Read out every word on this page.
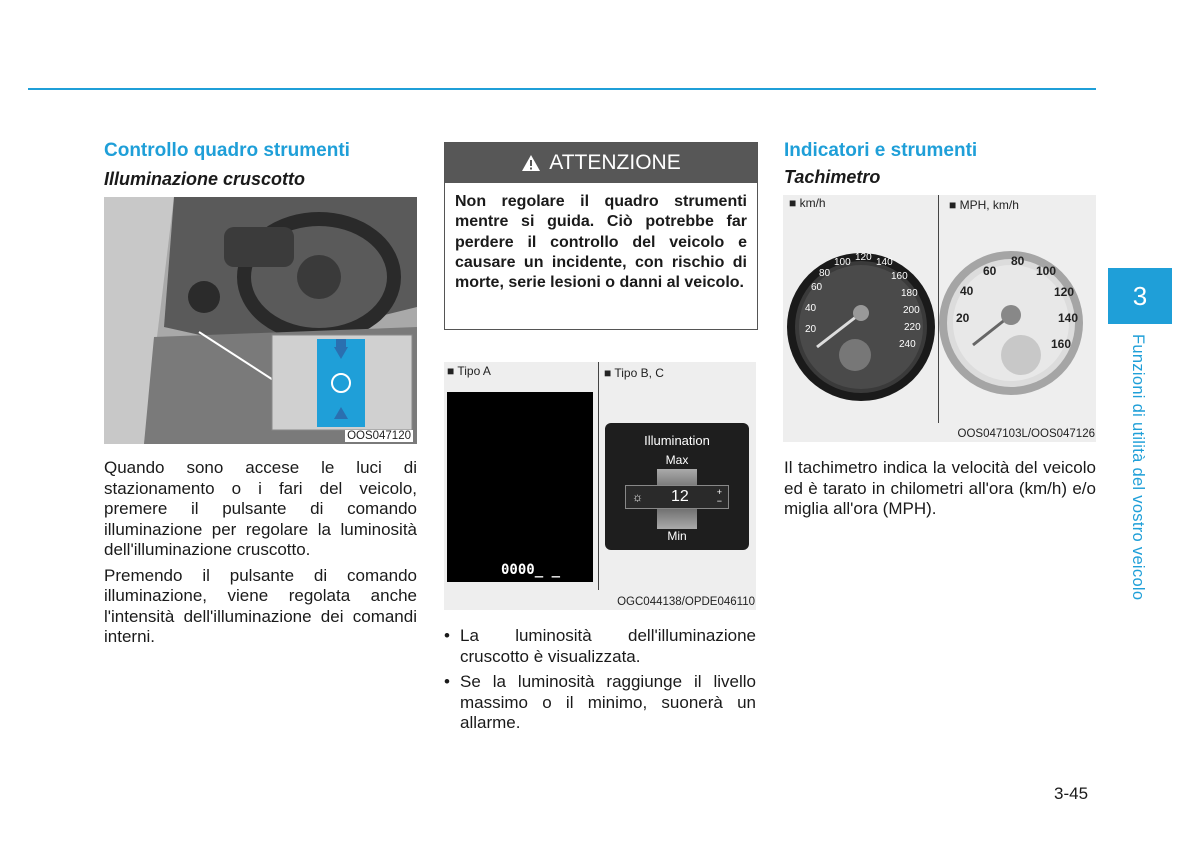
Controllo quadro strumenti
Illuminazione cruscotto
OOS047120

Quando sono accese le luci di stazionamento o i fari del veicolo, premere il pulsante di comando illuminazione per regolare la luminosità dell'illuminazione cruscotto.

Premendo il pulsante di comando illuminazione, viene regolata anche l'intensità dell'illuminazione dei comandi interni.

ATTENZIONE
Non regolare il quadro strumenti mentre si guida. Ciò potrebbe far perdere il controllo del veicolo e causare un incidente, con rischio di morte, serie lesioni o danni al veicolo.
■ Tipo A	■ Tipo B, C
0000_ _
Illumination
Max
☼ 12	+
−
Min
OGC044138/OPDE046110
• La luminosità dell'illuminazione cruscotto è visualizzata.
• Se la luminosità raggiunge il livello massimo o il minimo, suonerà un allarme.
Indicatori e strumenti
Tachimetro
■ km/h	■ MPH, km/h
20
40
60
80
100 120 140
160
180
200
220
240
20
40
60
80
100
120
140
160
OOS047103L/OOS047126
Il tachimetro indica la velocità del veicolo ed è tarato in chilometri all'ora (km/h) e/o miglia all'ora (MPH).
3
Funzioni di utilità del vostro veicolo
3-45
